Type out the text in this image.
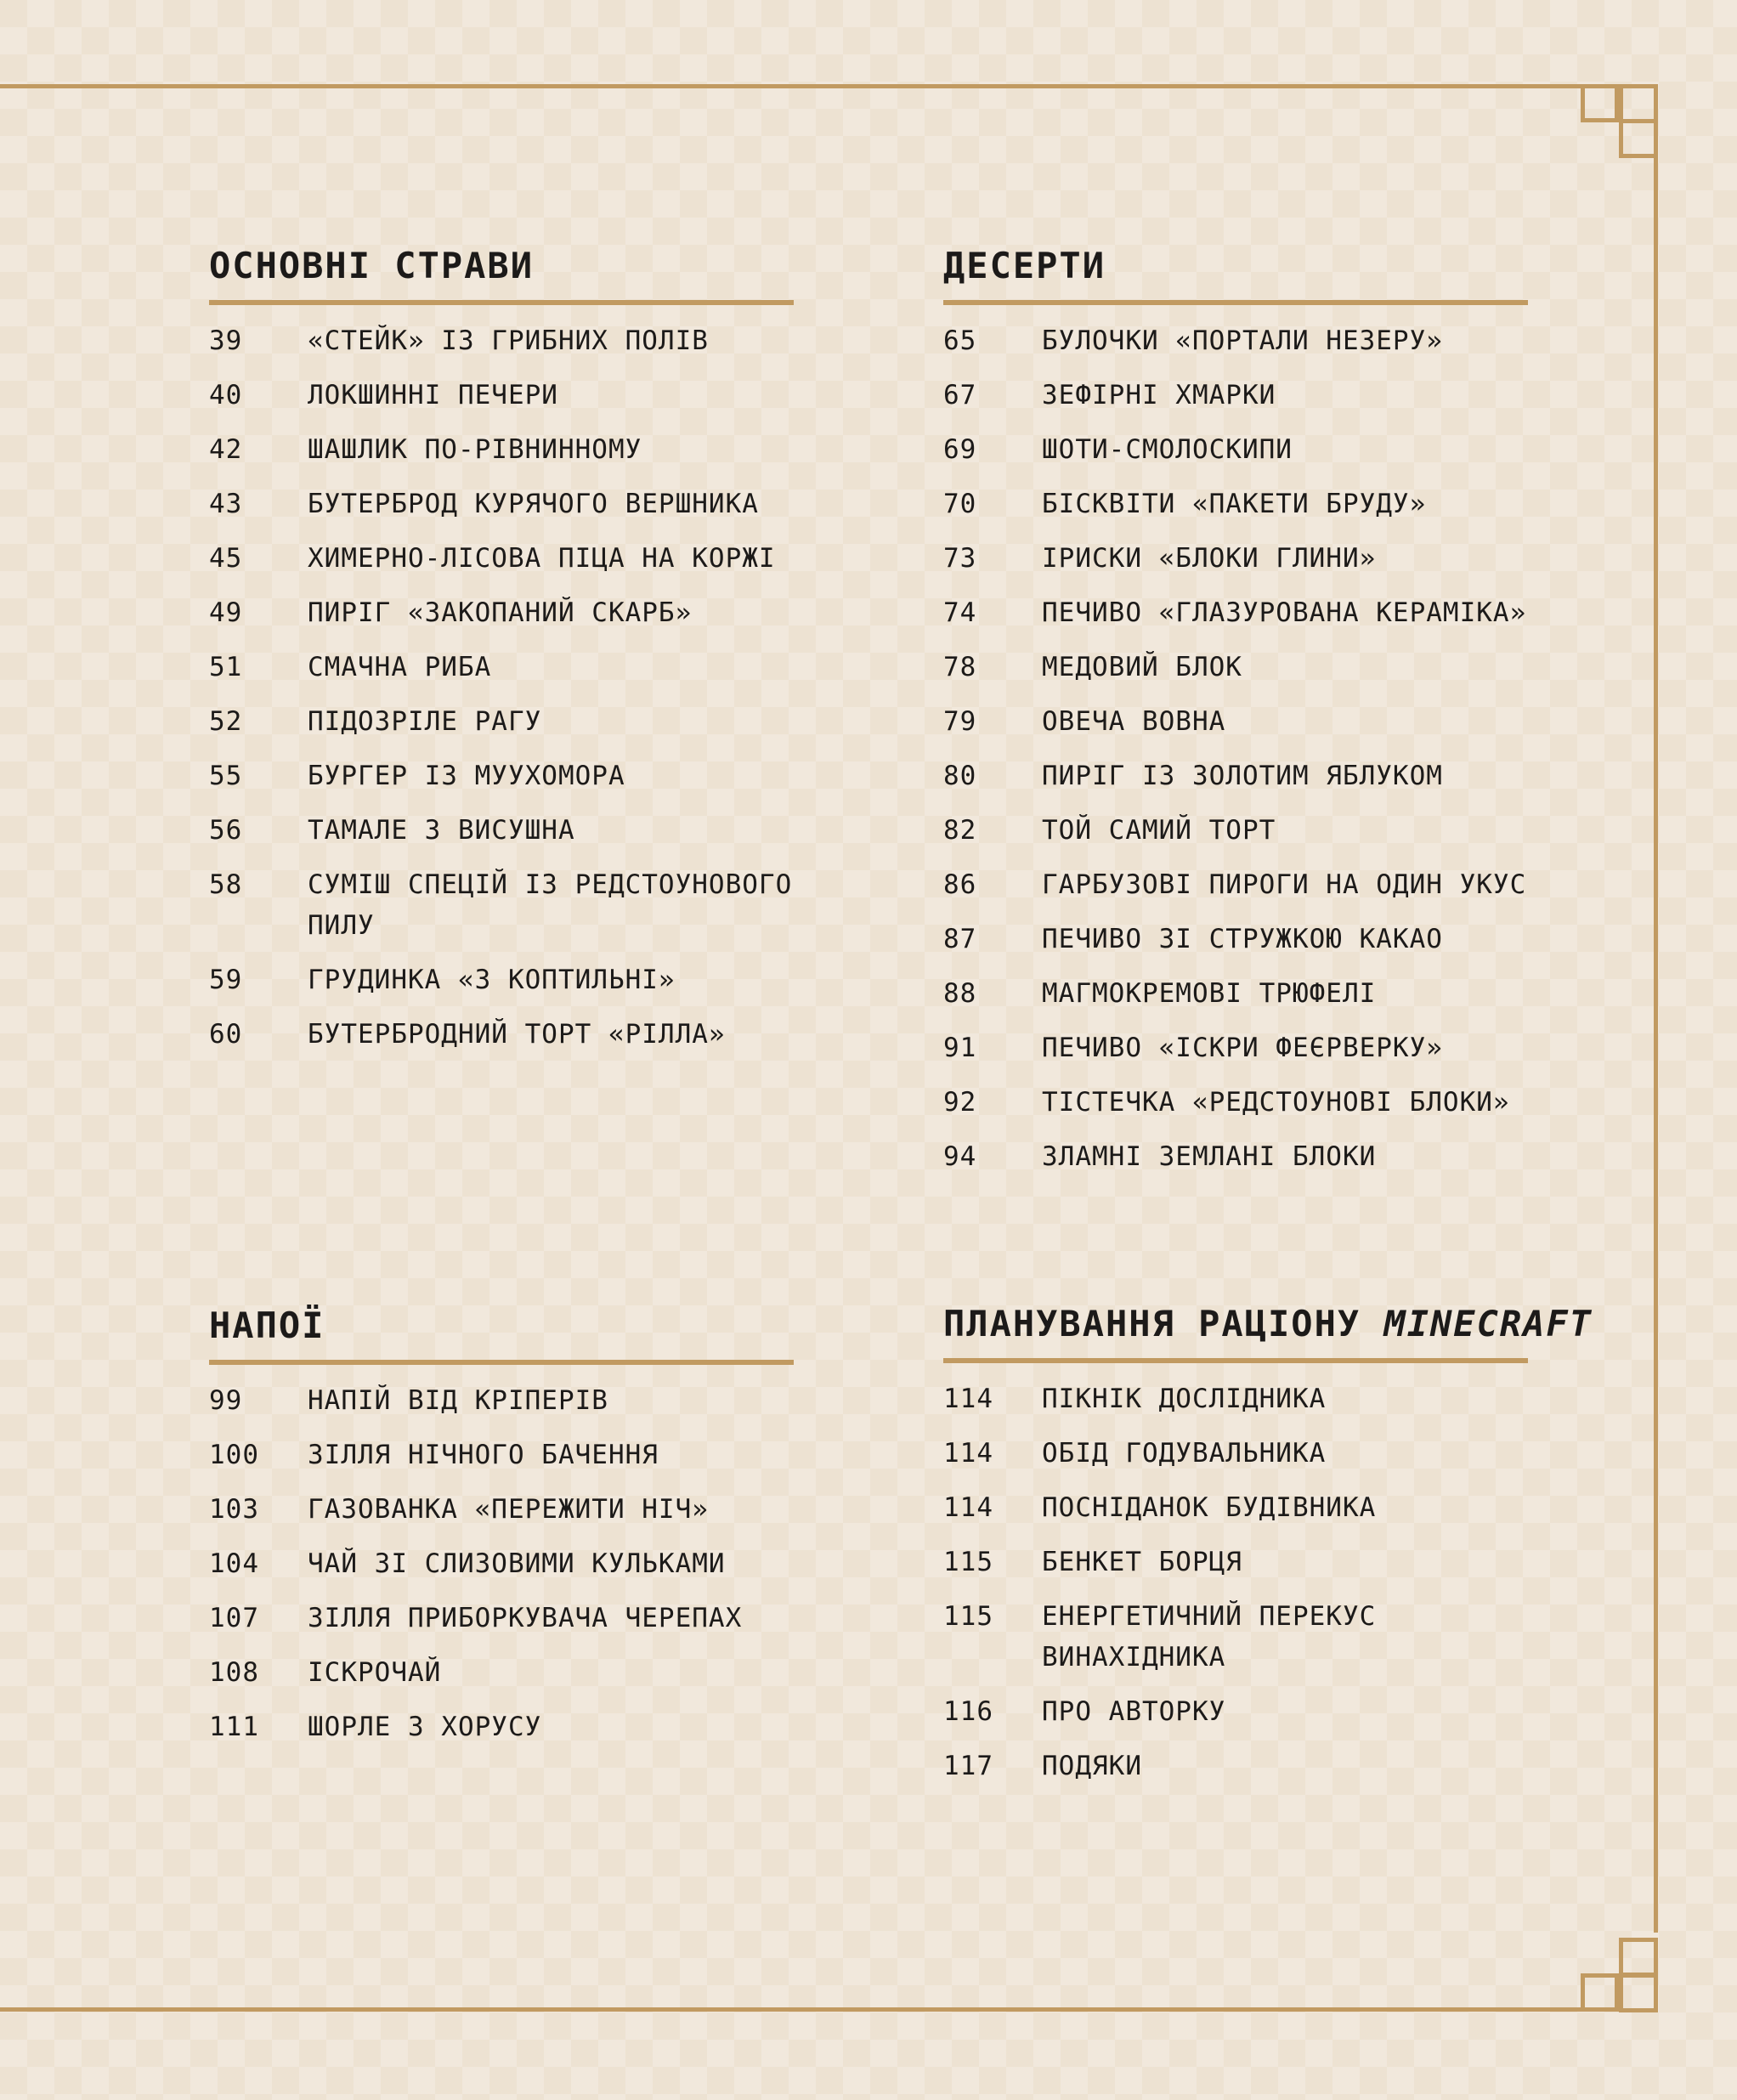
ОСНОВНІ СТРАВИ
39	«СТЕЙК» ІЗ ГРИБНИХ ПОЛІВ
40	ЛОКШИННІ ПЕЧЕРИ
42	ШАШЛИК ПО-РІВНИННОМУ
43	БУТЕРБРОД КУРЯЧОГО ВЕРШНИКА
45	ХИМЕРНО-ЛІСОВА ПІЦА НА КОРЖІ
49	ПИРІГ «ЗАКОПАНИЙ СКАРБ»
51	СМАЧНА РИБА
52	ПІДОЗРІЛЕ РАГУ
55	БУРГЕР ІЗ МУУХОМОРА
56	ТАМАЛЕ З ВИСУШНА
58	СУМІШ СПЕЦІЙ ІЗ РЕДСТОУНОВОГО ПИЛУ
59	ГРУДИНКА «З КОПТИЛЬНІ»
60	БУТЕРБРОДНИЙ ТОРТ «РІЛЛА»
ДЕСЕРТИ
65	БУЛОЧКИ «ПОРТАЛИ НЕЗЕРУ»
67	ЗЕФІРНІ ХМАРКИ
69	ШОТИ-СМОЛОСКИПИ
70	БІСКВІТИ «ПАКЕТИ БРУДУ»
73	ІРИСКИ «БЛОКИ ГЛИНИ»
74	ПЕЧИВО «ГЛАЗУРОВАНА КЕРАМІКА»
78	МЕДОВИЙ БЛОК
79	ОВЕЧА ВОВНА
80	ПИРІГ ІЗ ЗОЛОТИМ ЯБЛУКОМ
82	ТОЙ САМИЙ ТОРТ
86	ГАРБУЗОВІ ПИРОГИ НА ОДИН УКУС
87	ПЕЧИВО ЗІ СТРУЖКОЮ КАКАО
88	МАГМОКРЕМОВІ ТРЮФЕЛІ
91	ПЕЧИВО «ІСКРИ ФЕЄРВЕРКУ»
92	ТІСТЕЧКА «РЕДСТОУНОВІ БЛОКИ»
94	ЗЛАМНІ ЗЕМЛАНІ БЛОКИ
НАПОЇ
99	НАПІЙ ВІД КРІПЕРІВ
100	ЗІЛЛЯ НІЧНОГО БАЧЕННЯ
103	ГАЗОВАНКА «ПЕРЕЖИТИ НІЧ»
104	ЧАЙ ЗІ СЛИЗОВИМИ КУЛЬКАМИ
107	ЗІЛЛЯ ПРИБОРКУВАЧА ЧЕРЕПАХ
108	ІСКРОЧАЙ
111	ШОРЛЕ З ХОРУСУ
ПЛАНУВАННЯ РАЦІОНУ MINECRAFT
114	ПІКНІК ДОСЛІДНИКА
114	ОБІД ГОДУВАЛЬНИКА
114	ПОСНІДАНОК БУДІВНИКА
115	БЕНКЕТ БОРЦЯ
115	ЕНЕРГЕТИЧНИЙ ПЕРЕКУС ВИНАХІДНИКА
116	ПРО АВТОРКУ
117	ПОДЯКИ
